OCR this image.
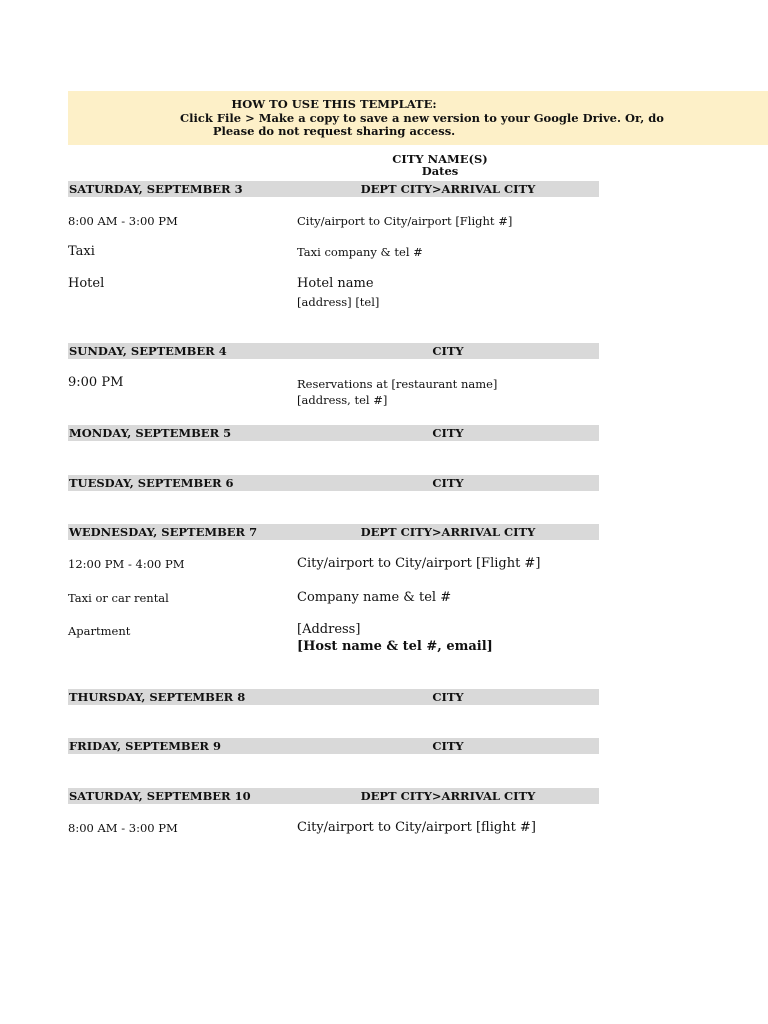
HOW TO USE THIS TEMPLATE:
Click File > Make a copy to save a new version to your Google Drive. Or, do
Please do not request sharing access.
CITY NAME(S)
Dates
SATURDAY, SEPTEMBER 3	DEPT CITY>ARRIVAL CITY
8:00 AM - 3:00 PM	City/airport to City/airport [Flight #]
Taxi	Taxi company & tel #
Hotel	Hotel name
[address] [tel]
SUNDAY, SEPTEMBER 4	CITY
9:00 PM	Reservations at [restaurant name]
[address, tel #]
MONDAY, SEPTEMBER 5	CITY
TUESDAY, SEPTEMBER 6	CITY
WEDNESDAY, SEPTEMBER 7	DEPT CITY>ARRIVAL CITY
12:00 PM - 4:00 PM	City/airport to City/airport [Flight #]
Taxi or car rental	Company name & tel #
Apartment	[Address]
[Host name & tel #, email]
THURSDAY, SEPTEMBER 8	CITY
FRIDAY, SEPTEMBER 9	CITY
SATURDAY, SEPTEMBER 10	DEPT CITY>ARRIVAL CITY
8:00 AM - 3:00 PM	City/airport to City/airport [flight #]
